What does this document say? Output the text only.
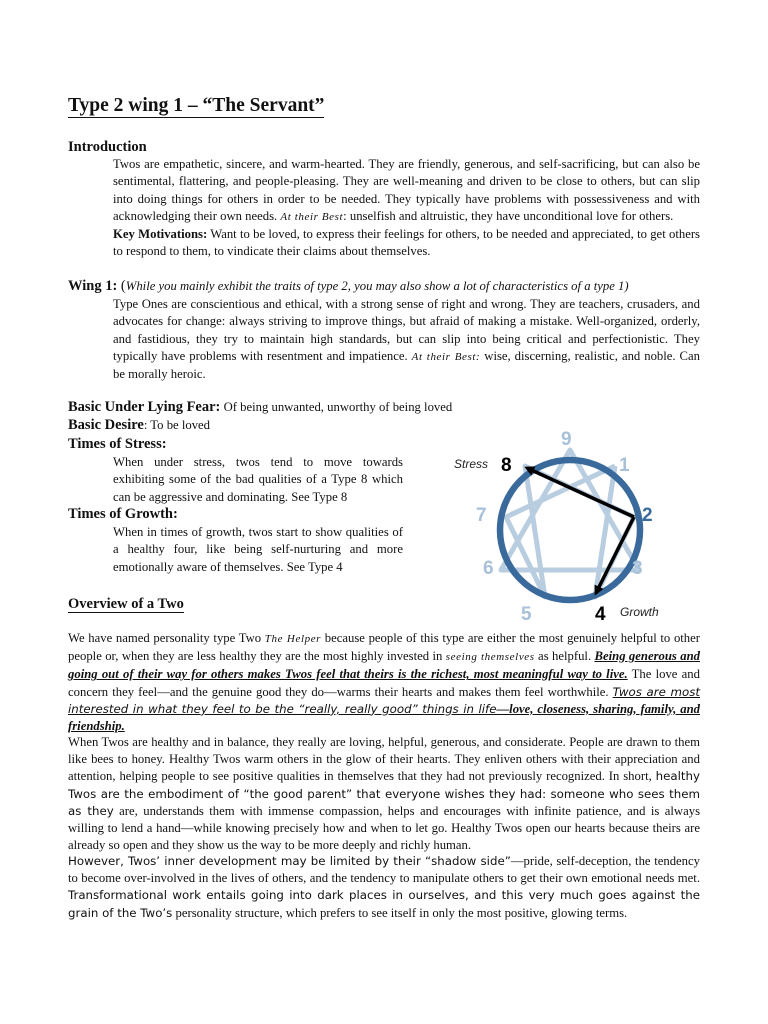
Type 2 wing 1 – “The Servant”
Introduction

Twos are empathetic, sincere, and warm-hearted. They are friendly, generous, and self-sacrificing, but can also be sentimental, flattering, and people-pleasing. They are well-meaning and driven to be close to others, but can slip into doing things for others in order to be needed. They typically have problems with possessiveness and with acknowledging their own needs. At their Best: unselfish and altruistic, they have unconditional love for others.

Key Motivations: Want to be loved, to express their feelings for others, to be needed and appreciated, to get others to respond to them, to vindicate their claims about themselves.

Wing 1: (While you mainly exhibit the traits of type 2, you may also show a lot of characteristics of a type 1)

Type Ones are conscientious and ethical, with a strong sense of right and wrong. They are teachers, crusaders, and advocates for change: always striving to improve things, but afraid of making a mistake. Well-organized, orderly, and fastidious, they try to maintain high standards, but can slip into being critical and perfectionistic. They typically have problems with resentment and impatience. At their Best: wise, discerning, realistic, and noble. Can be morally heroic.

Basic Under Lying Fear: Of being unwanted, unworthy of being loved
Basic Desire: To be loved
Times of Stress:
When under stress, twos tend to move towards exhibiting some of the bad qualities of a Type 8 which can be aggressive and dominating. See Type 8
Times of Growth:
When in times of growth, twos start to show qualities of a healthy four, like being self-nurturing and more emotionally aware of themselves. See Type 4
9
1
2
3
4
5
6
7
8
Stress
Growth
Overview of a Two
We have named personality type Two The Helper because people of this type are either the most genuinely helpful to other people or, when they are less healthy they are the most highly invested in seeing themselves as helpful. Being generous and going out of their way for others makes Twos feel that theirs is the richest, most meaningful way to live. The love and concern they feel—and the genuine good they do—warms their hearts and makes them feel worthwhile. Twos are most interested in what they feel to be the “really, really good” things in life—love, closeness, sharing, family, and friendship.
When Twos are healthy and in balance, they really are loving, helpful, generous, and considerate. People are drawn to them like bees to honey. Healthy Twos warm others in the glow of their hearts. They enliven others with their appreciation and attention, helping people to see positive qualities in themselves that they had not previously recognized. In short, healthy Twos are the embodiment of “the good parent” that everyone wishes they had: someone who sees them as they are, understands them with immense compassion, helps and encourages with infinite patience, and is always willing to lend a hand—while knowing precisely how and when to let go. Healthy Twos open our hearts because theirs are already so open and they show us the way to be more deeply and richly human.
However, Twos’ inner development may be limited by their “shadow side”—pride, self-deception, the tendency to become over-involved in the lives of others, and the tendency to manipulate others to get their own emotional needs met. Transformational work entails going into dark places in ourselves, and this very much goes against the grain of the Two’s personality structure, which prefers to see itself in only the most positive, glowing terms.
